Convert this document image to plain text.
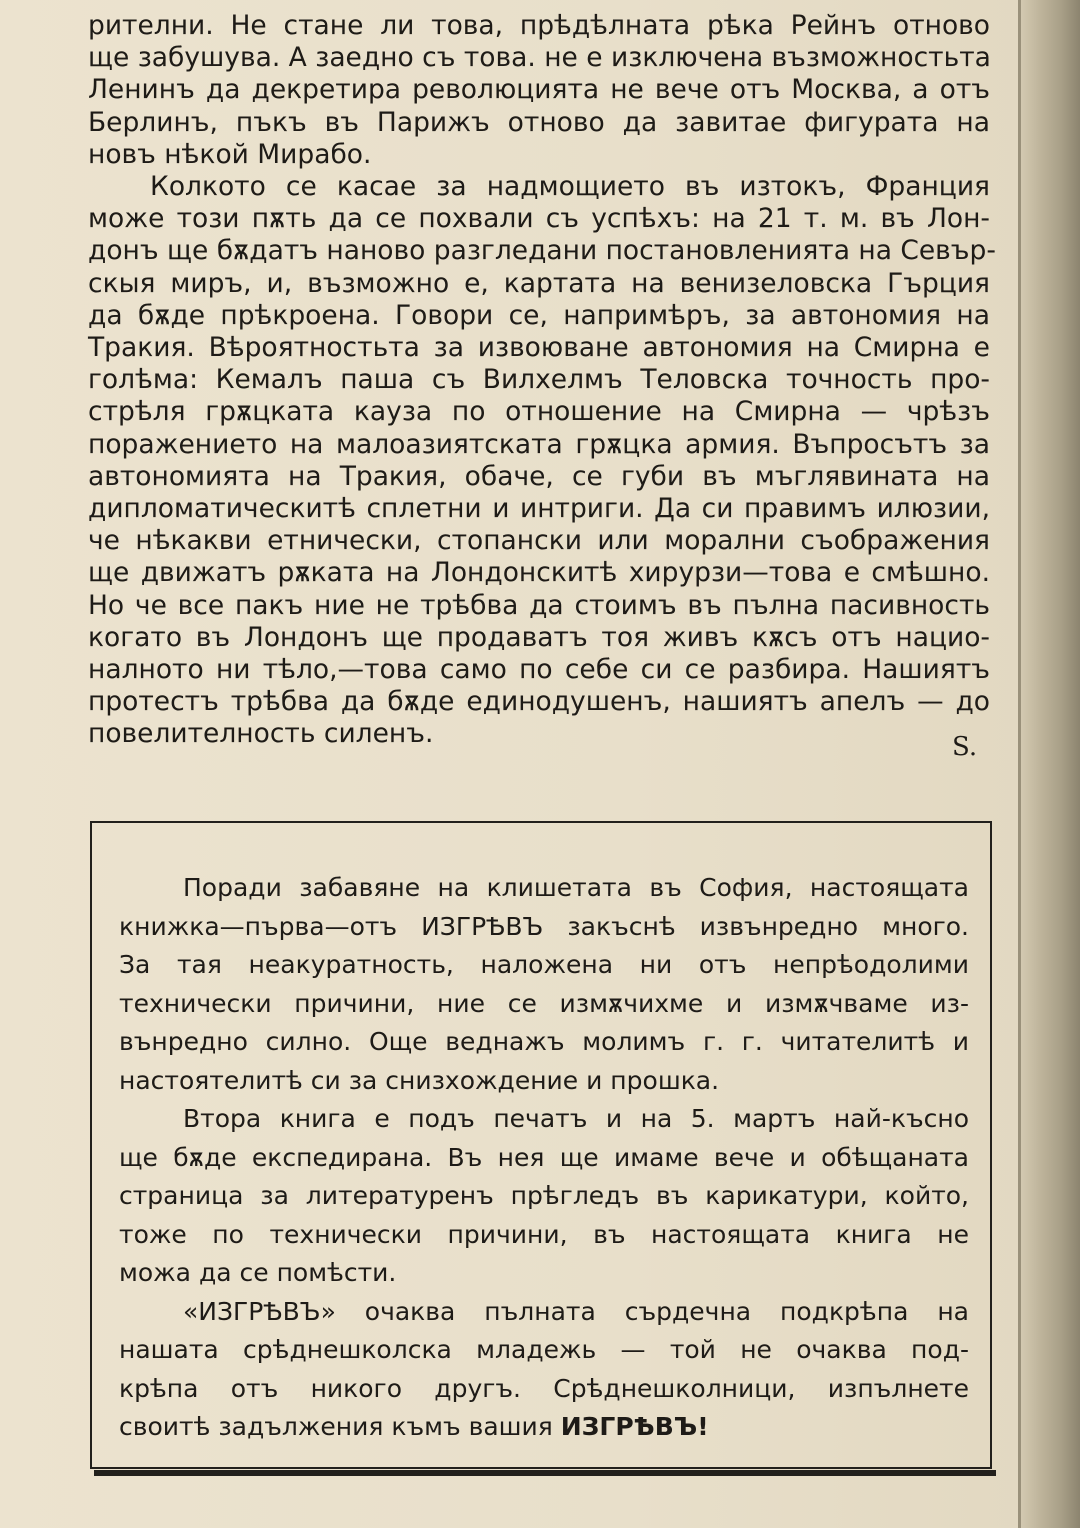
рителни. Не стане ли това, прѣдѣлната рѣка Рейнъ отново
ще забушува. А заедно съ това. не е изключена възможностьта
Ленинъ да декретира революцията не вече отъ Москва, а отъ
Берлинъ, пъкъ въ Парижъ отново да завитае фигурата на
новъ нѣкой Мирабо.
Колкото се касае за надмощието въ изтокъ, Франция
може този пѫть да се похвали съ успѣхъ: на 21 т. м. въ Лон-
донъ ще бѫдатъ наново разгледани постановленията на Севър-
скыя миръ, и, възможно е, картата на венизеловска Гърция
да бѫде прѣкроена. Говори се, напримѣръ, за автономия на
Тракия. Вѣроятностьта за извоюване автономия на Смирна е
голѣма: Кемалъ паша съ Вилхелмъ Теловска точность про-
стрѣля грѫцката кауза по отношение на Смирна — чрѣзъ
поражението на малоазиятската грѫцка армия. Въпросътъ за
автономията на Тракия, обаче, се губи въ мъглявината на
дипломатическитѣ сплетни и интриги. Да си правимъ илюзии,
че нѣкакви етнически, стопански или морални съображения
ще движатъ рѫката на Лондонскитѣ хирурзи—това е смѣшно.
Но че все пакъ ние не трѣбва да стоимъ въ пълна пасивность
когато въ Лондонъ ще продаватъ тоя живъ кѫсъ отъ нацио-
налното ни тѣло,—това само по себе си се разбира. Нашиятъ
протестъ трѣбва да бѫде единодушенъ, нашиятъ апелъ — до
повелителность силенъ.	S.
Поради забавяне на клишетата въ София, настоящата
книжка—първа—отъ ИЗГРѢВЪ закъснѣ извънредно много.
За тая неакуратность, наложена ни отъ непрѣодолими
технически причини, ние се измѫчихме и измѫчваме из-
вънредно силно. Още веднажъ молимъ г. г. читателитѣ и
настоятелитѣ си за снизхождение и прошка.
Втора книга е подъ печатъ и на 5. мартъ най-късно
ще бѫде експедирана. Въ нея ще имаме вече и обѣщаната
страница за литературенъ прѣгледъ въ карикатури, който,
тоже по технически причини, въ настоящата книга не
можа да се помѣсти.
«ИЗГРѢВЪ» очаква пълната сърдечна подкрѣпа на
нашата срѣднешколска младежь — той не очаква под-
крѣпа отъ никого другъ. Срѣднешколници, изпълнете
своитѣ задължения къмъ вашия ИЗГРѢВЪ!
